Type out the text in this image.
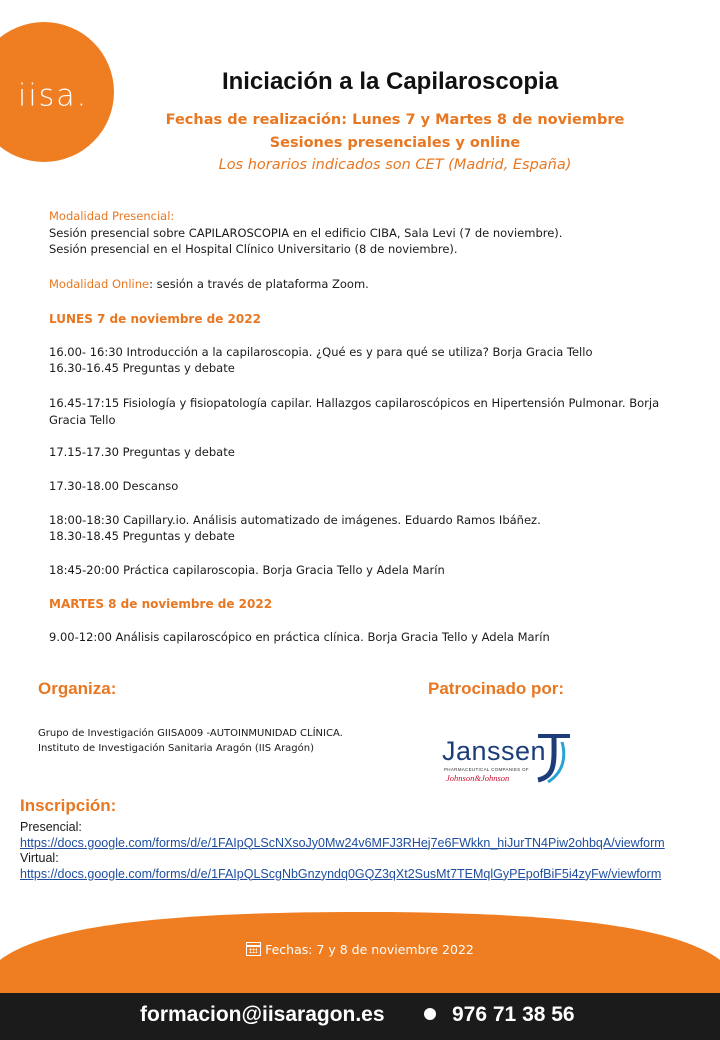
iisa.	Iniciación a la Capilaroscopia
Fechas de realización: Lunes 7 y Martes 8 de noviembre
Sesiones presenciales y online
Los horarios indicados son CET (Madrid, España)
Modalidad Presencial:
Sesión presencial sobre CAPILAROSCOPIA en el edificio CIBA, Sala Levi (7 de noviembre).
Sesión presencial en el Hospital Clínico Universitario (8 de noviembre).
Modalidad Online: sesión a través de plataforma Zoom.
LUNES 7 de noviembre de 2022
16.00- 16:30 Introducción a la capilaroscopia. ¿Qué es y para qué se utiliza? Borja Gracia Tello
16.30-16.45 Preguntas y debate
16.45-17:15 Fisiología y fisiopatología capilar. Hallazgos capilaroscópicos en Hipertensión Pulmonar. Borja Gracia Tello
17.15-17.30 Preguntas y debate
17.30-18.00 Descanso
18:00-18:30 Capillary.io. Análisis automatizado de imágenes. Eduardo Ramos Ibáñez.
18.30-18.45 Preguntas y debate
18:45-20:00 Práctica capilaroscopia. Borja Gracia Tello y Adela Marín
MARTES 8 de noviembre de 2022
9.00-12:00 Análisis capilaroscópico en práctica clínica. Borja Gracia Tello y Adela Marín
Organiza:
Grupo de Investigación GIISA009 -AUTOINMUNIDAD CLÍNICA. Instituto de Investigación Sanitaria Aragón (IIS Aragón)
Patrocinado por:
Janssen
PHARMACEUTICAL COMPANIES OF
Johnson&Johnson
Inscripción:
Presencial:
https://docs.google.com/forms/d/e/1FAIpQLScNXsoJy0Mw24v6MFJ3RHej7e6FWkkn_hiJurTN4Piw2ohbqA/viewform
Virtual:
https://docs.google.com/forms/d/e/1FAIpQLScgNbGnzyndq0GQZ3qXt2SusMt7TEMqlGyPEpofBiF5i4zyFw/viewform
Fechas: 7 y 8 de noviembre 2022
formacion@iisaragon.es	976 71 38 56
